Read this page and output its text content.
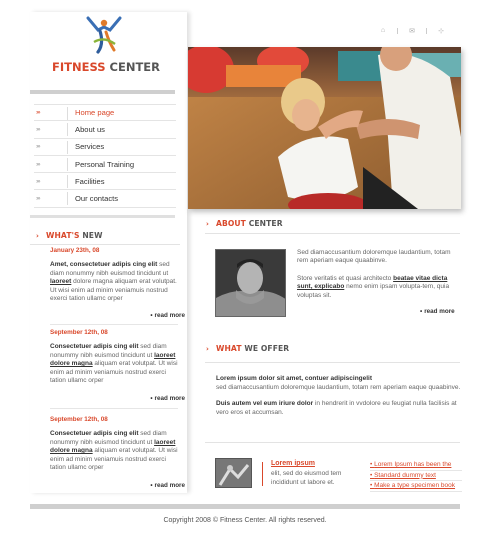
FITNESS CENTER
›››	Home page
›››	About us
›››	Services
›››	Personal Training
›››	Facilities
›››	Our contacts
› WHAT'S NEW
January 23th, 08
Amet, consectetuer adipis cing elit sed diam nonummy nibh euismod tincidunt ut laoreet dolore magna aliquam erat volutpat. Ut wisi enim ad minim veniamuis nostrud exerci tation ullamc orper
• read more
September 12th, 08
Consectetuer adipis cing elit sed diam nonummy nibh euismod tincidunt ut laoreet dolore magna aliquam erat volutpat. Ut wisi enim ad minim veniamuis nostrud exerci tation ullamc orper
• read more
September 12th, 08
Consectetuer adipis cing elit sed diam nonummy nibh euismod tincidunt ut laoreet dolore magna aliquam erat volutpat. Ut wisi enim ad minim veniamuis nostrud exerci tation ullamc orper
• read more
⌂	✉	⊹
› ABOUT CENTER

Sed diamaccusantium doloremque laudantium, totam rem aperiam eaque quaabinve.

Store veritatis et quasi architecto beatae vitae dicta sunt, explicabo nemo enim ipsam volupta-tem, quia voluptas sit.

• read more
› WHAT WE OFFER

Lorem ipsum dolor sit amet, contuer adipiscingelit
sed diamaccusantium doloremque laudantium, totam rem aperiam eaque quaabinve.

Duis autem vel eum iriure dolor in hendrerit in vvdolore eu feugiat nulla facilisis at vero eros et accumsan.

Lorem ipsum
elit, sed do eiusmod tem incididunt ut labore et.
• Lorem Ipsum has been the
• Standard dummy text
• Make a type specimen book
Copyright 2008 © Fitness Center. All rights reserved.
